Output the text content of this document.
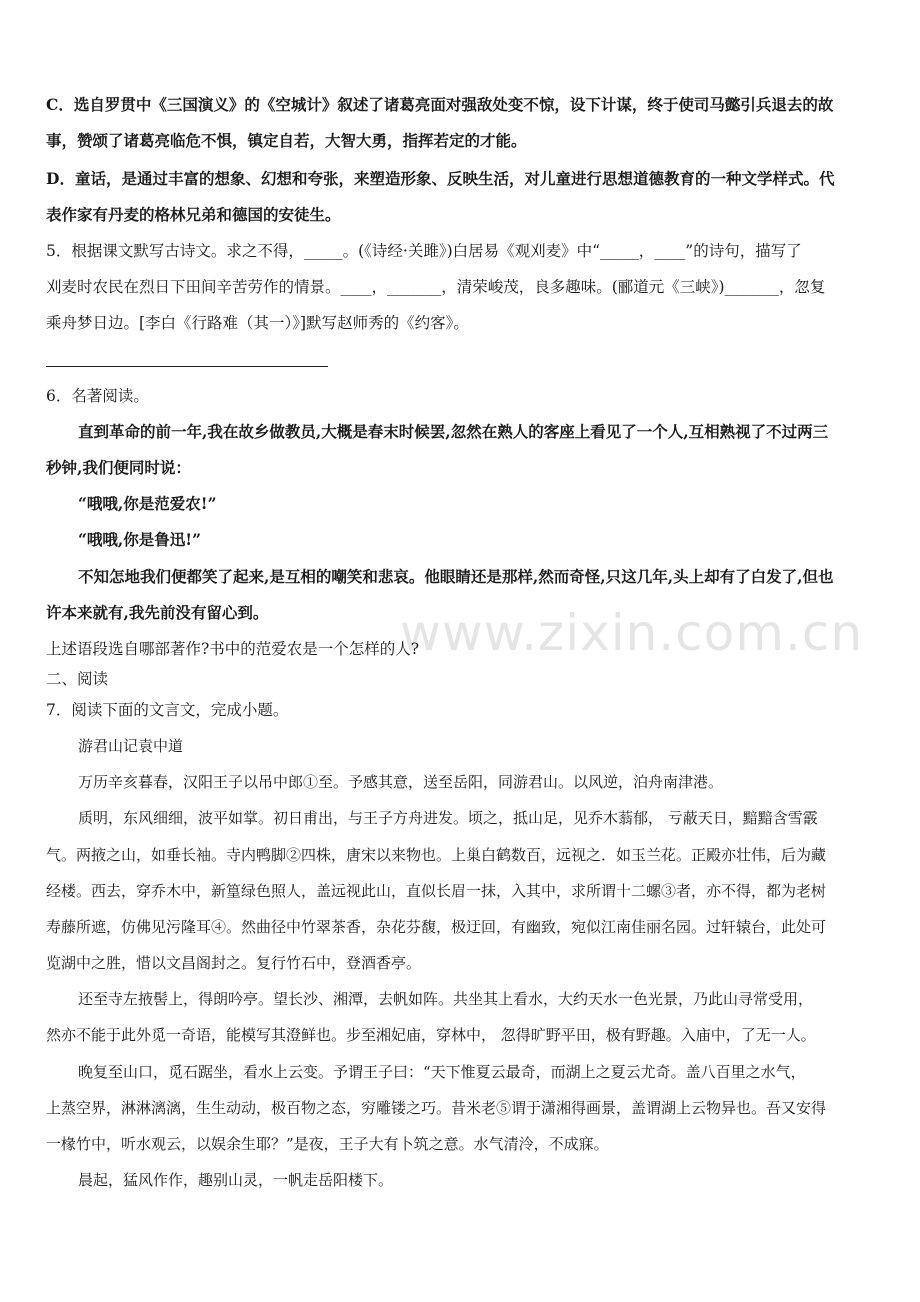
C．选自罗贯中《三国演义》的《空城计》叙述了诸葛亮面对强敌处变不惊，设下计谋，终于使司马懿引兵退去的故
事，赞颂了诸葛亮临危不惧，镇定自若，大智大勇，指挥若定的才能。
D．童话，是通过丰富的想象、幻想和夸张，来塑造形象、反映生活，对儿童进行思想道德教育的一种文学样式。代
表作家有丹麦的格林兄弟和德国的安徒生。
5．根据课文默写古诗文。求之不得，_____。(《诗经·关雎》)白居易《观刈麦》中“_____，____”的诗句，描写了
刈麦时农民在烈日下田间辛苦劳作的情景。____，_______，清荣峻茂，良多趣味。(郦道元《三峡》)_______，忽复
乘舟梦日边。[李白《行路难（其一）》]默写赵师秀的《约客》。
6．名著阅读。
直到革命的前一年,我在故乡做教员,大概是春末时候罢,忽然在熟人的客座上看见了一个人,互相熟视了不过两三
秒钟,我们便同时说：
“哦哦,你是范爱农!”
“哦哦,你是鲁迅!”
不知怎地我们便都笑了起来,是互相的嘲笑和悲哀。他眼睛还是那样,然而奇怪,只这几年,头上却有了白发了,但也
许本来就有,我先前没有留心到。	www.zixin.com.cn
上述语段选自哪部著作?书中的范爱农是一个怎样的人?
二、阅读
7．阅读下面的文言文，完成小题。
游君山记袁中道
万历辛亥暮春，汉阳王子以吊中郎①至。予感其意，送至岳阳，同游君山。以风逆，泊舟南津港。
质明，东风细细，波平如掌。初日甫出，与王子方舟进发。顷之，抵山足，见乔木蓊郁， 亏蔽天日，黯黯含雪霰
气。两掖之山，如垂长袖。寺内鸭脚②四株，唐宋以来物也。上巢白鹤数百，远视之．如玉兰花。正殿亦壮伟，后为藏
经楼。西去，穿乔木中，新篁绿色照人，盖远视此山，直似长眉一抹，入其中，求所谓十二螺③者，亦不得，都为老树
寿藤所遮，仿佛见污隆耳④。然曲径中竹翠茶香，杂花芬馥，极迂回，有幽致，宛似江南佳丽名园。过轩辕台，此处可
览湖中之胜，惜以文昌阁封之。复行竹石中，登酒香亭。
还至寺左掖髻上，得朗吟亭。望长沙、湘潭，去帆如阵。共坐其上看水，大约天水一色光景，乃此山寻常受用，
然亦不能于此外觅一奇语，能模写其澄鲜也。步至湘妃庙，穿林中， 忽得旷野平田，极有野趣。入庙中，了无一人。
晚复至山口，觅石踞坐，看水上云变。予谓王子曰：“天下惟夏云最奇，而湖上之夏云尤奇。盖八百里之水气，
上蒸空界，淋淋漓漓，生生动动，极百物之态，穷雕镂之巧。昔米老⑤谓于潇湘得画景，盖谓湖上云物异也。吾又安得
一椽竹中，听水观云，以娱余生耶？”是夜，王子大有卜筑之意。水气清泠，不成寐。
晨起，猛风作作，趣别山灵，一帆走岳阳楼下。
